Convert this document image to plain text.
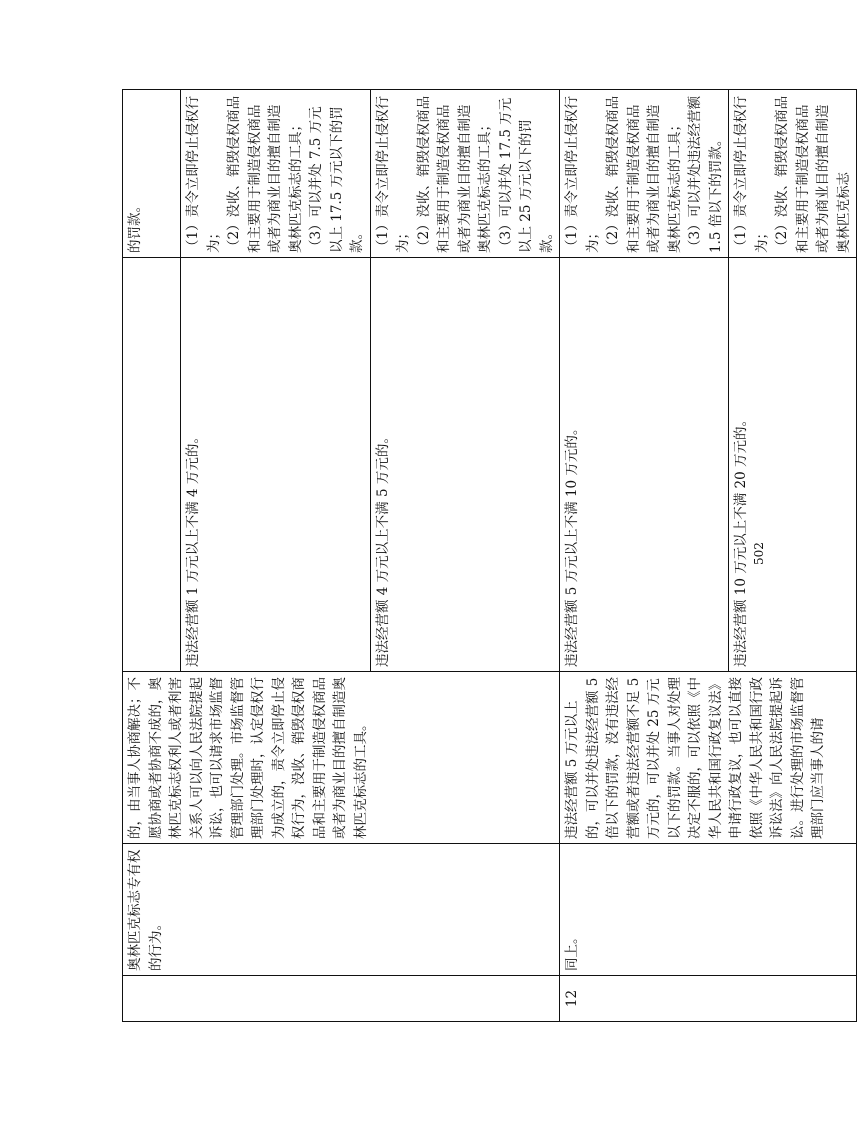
	奥林匹克标志专有权的行为。	的，由当事人协商解决；不愿协商或者协商不成的，奥林匹克标志权利人或者利害关系人可以向人民法院提起诉讼，也可以请求市场监督管理部门处理。市场监督管理部门处理时，认定侵权行为成立的，责令立即停止侵权行为，没收、销毁侵权商品和主要用于制造侵权商品或者为商业目的擅自制造奥林匹克标志的工具。		的罚款。

			违法经营额 1 万元以上不满 4 万元的。	（1）责令立即停止侵权行为； （2）没收、销毁侵权商品和主要用于制造侵权商品或者为商业目的擅自制造奥林匹克标志的工具； （3）可以并处 7.5 万元以上 17.5 万元以下的罚款。

			违法经营额 4 万元以上不满 5 万元的。	（1）责令立即停止侵权行为； （2）没收、销毁侵权商品和主要用于制造侵权商品或者为商业目的擅自制造奥林匹克标志的工具； （3）可以并处 17.5 万元以上 25 万元以下的罚款。

12	同上。	违法经营额 5 万元以上的，可以并处违法经营额 5 倍以下的罚款，没有违法经营额或者违法经营额不足 5 万元的，可以并处 25 万元以下的罚款。当事人对处理决定不服的，可以依照《中华人民共和国行政复议法》申请行政复议，也可以直接依照《中华人民共和国行政诉讼法》向人民法院提起诉讼。进行处理的市场监督管理部门应当事人的请	违法经营额 5 万元以上不满 10 万元的。	（1）责令立即停止侵权行为； （2）没收、销毁侵权商品和主要用于制造侵权商品或者为商业目的擅自制造奥林匹克标志的工具； （3）可以并处违法经营额 1.5 倍以下的罚款。

			违法经营额 10 万元以上不满 20 万元的。	（1）责令立即停止侵权行为； （2）没收、销毁侵权商品和主要用于制造侵权商品或者为商业目的擅自制造奥林匹克标志
502
